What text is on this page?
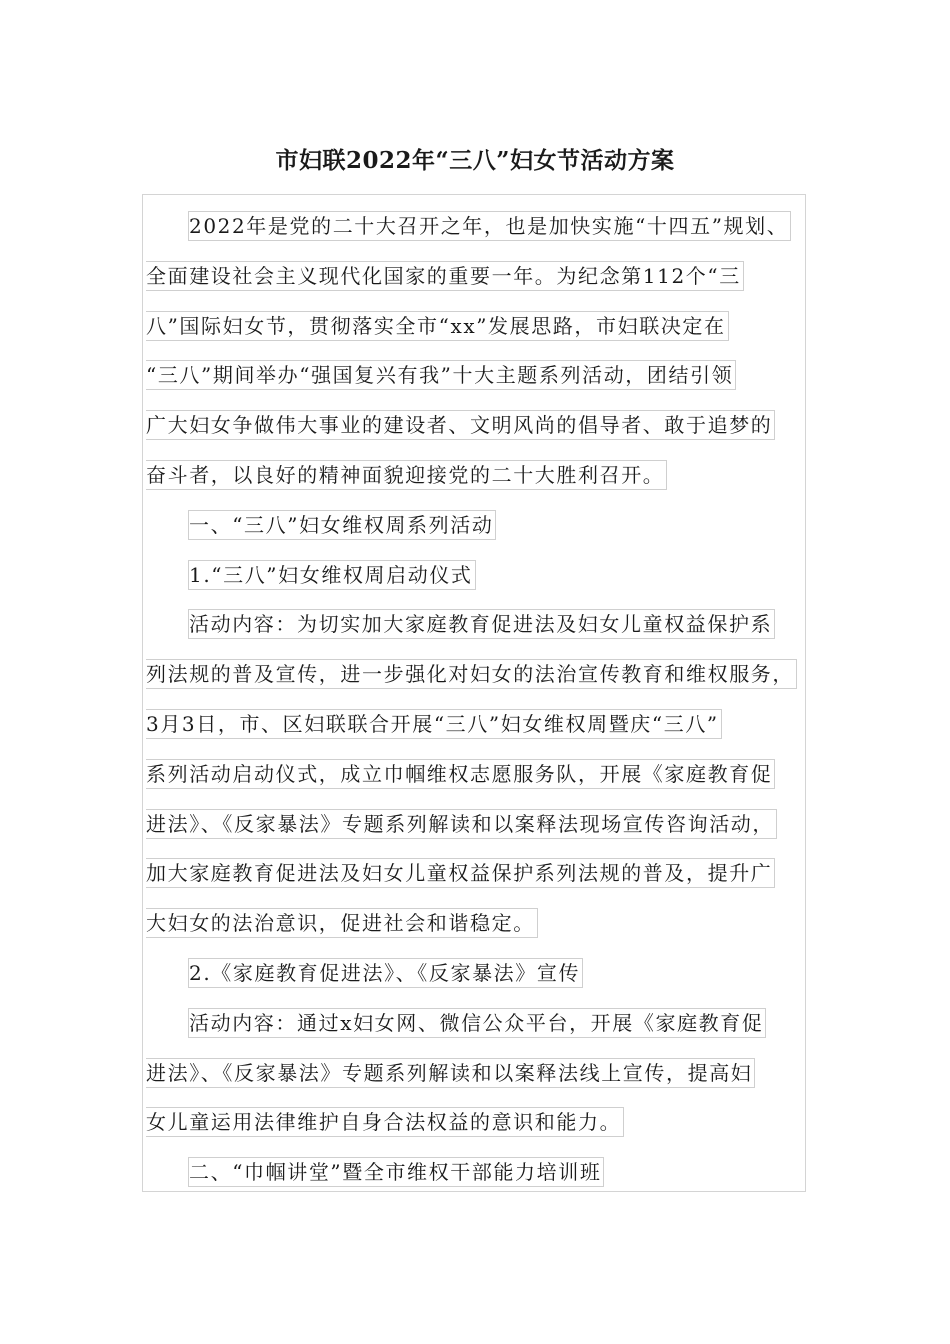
市妇联2022年“三八”妇女节活动方案
2022年是党的二十大召开之年，也是加快实施“十四五”规划、
全面建设社会主义现代化国家的重要一年。为纪念第112个“三
八”国际妇女节，贯彻落实全市“xx”发展思路，市妇联决定在
“三八”期间举办“强国复兴有我”十大主题系列活动，团结引领
广大妇女争做伟大事业的建设者、文明风尚的倡导者、敢于追梦的
奋斗者，以良好的精神面貌迎接党的二十大胜利召开。
一、“三八”妇女维权周系列活动
1.“三八”妇女维权周启动仪式
活动内容：为切实加大家庭教育促进法及妇女儿童权益保护系
列法规的普及宣传，进一步强化对妇女的法治宣传教育和维权服务，
3月3日，市、区妇联联合开展“三八”妇女维权周暨庆“三八”
系列活动启动仪式，成立巾帼维权志愿服务队，开展《家庭教育促
进法》、《反家暴法》专题系列解读和以案释法现场宣传咨询活动，
加大家庭教育促进法及妇女儿童权益保护系列法规的普及，提升广
大妇女的法治意识，促进社会和谐稳定。
2.《家庭教育促进法》、《反家暴法》宣传
活动内容：通过x妇女网、微信公众平台，开展《家庭教育促
进法》、《反家暴法》专题系列解读和以案释法线上宣传，提高妇
女儿童运用法律维护自身合法权益的意识和能力。
二、“巾帼讲堂”暨全市维权干部能力培训班
